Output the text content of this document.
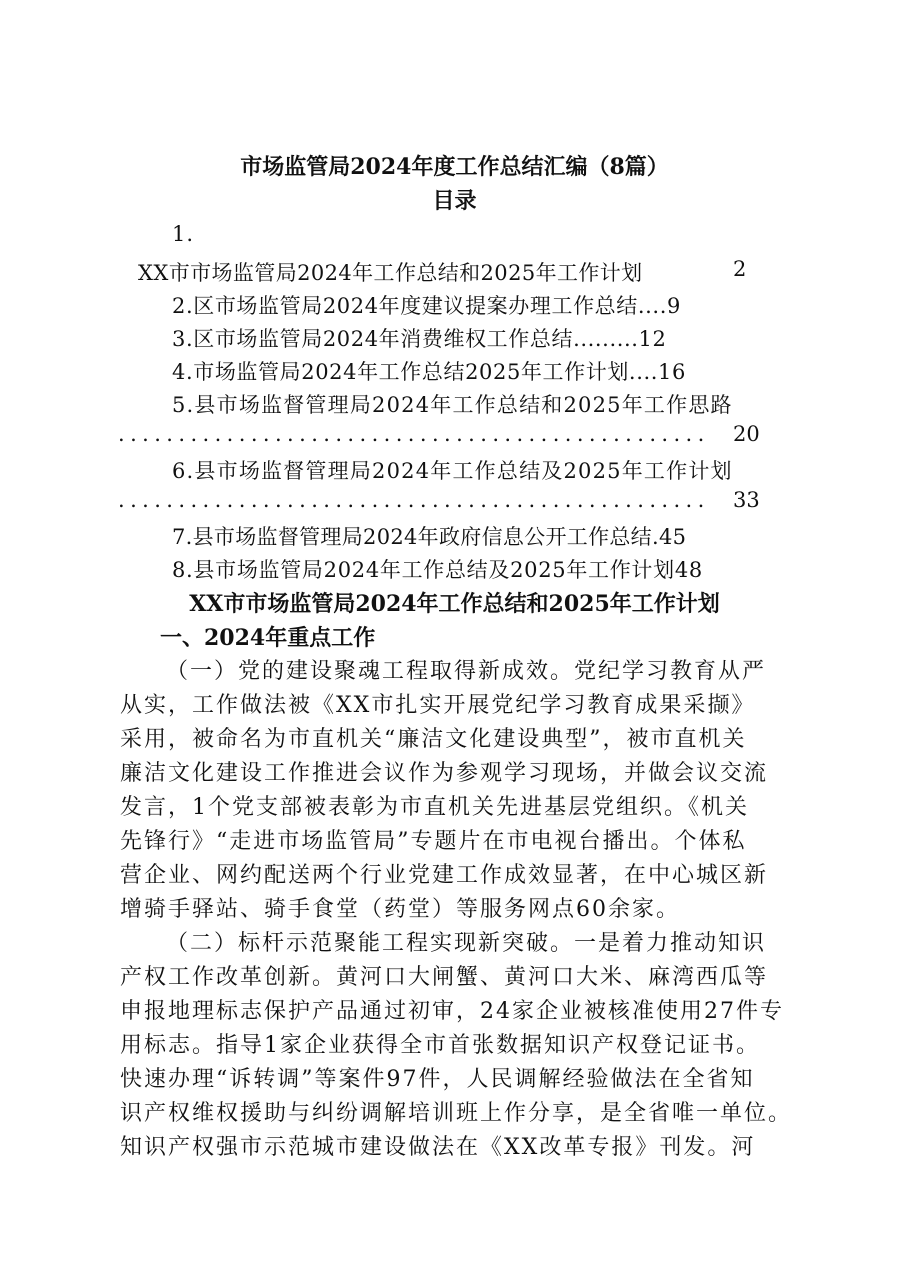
市场监管局2024年度工作总结汇编（8篇）
目录
1.
XX市市场监管局2024年工作总结和2025年工作计划	2
2.区市场监管局2024年度建议提案办理工作总结....9
3.区市场监管局2024年消费维权工作总结.........12
4.市场监管局2024年工作总结2025年工作计划....16
5.县市场监督管理局2024年工作总结和2025年工作思路
.................................................	20
6.县市场监督管理局2024年工作总结及2025年工作计划
.................................................	33
7.县市场监督管理局2024年政府信息公开工作总结.45
8.县市场监管局2024年工作总结及2025年工作计划48
XX市市场监管局2024年工作总结和2025年工作计划
一、2024年重点工作
（一）党的建设聚魂工程取得新成效。党纪学习教育从严
从实，工作做法被《XX市扎实开展党纪学习教育成果采撷》
采用，被命名为市直机关“廉洁文化建设典型”，被市直机关
廉洁文化建设工作推进会议作为参观学习现场，并做会议交流
发言，1个党支部被表彰为市直机关先进基层党组织。《机关
先锋行》“走进市场监管局”专题片在市电视台播出。个体私
营企业、网约配送两个行业党建工作成效显著，在中心城区新
增骑手驿站、骑手食堂（药堂）等服务网点60余家。
（二）标杆示范聚能工程实现新突破。一是着力推动知识
产权工作改革创新。黄河口大闸蟹、黄河口大米、麻湾西瓜等
申报地理标志保护产品通过初审，24家企业被核准使用27件专
用标志。指导1家企业获得全市首张数据知识产权登记证书。
快速办理“诉转调”等案件97件，人民调解经验做法在全省知
识产权维权援助与纠纷调解培训班上作分享，是全省唯一单位。
知识产权强市示范城市建设做法在《XX改革专报》刊发。河
